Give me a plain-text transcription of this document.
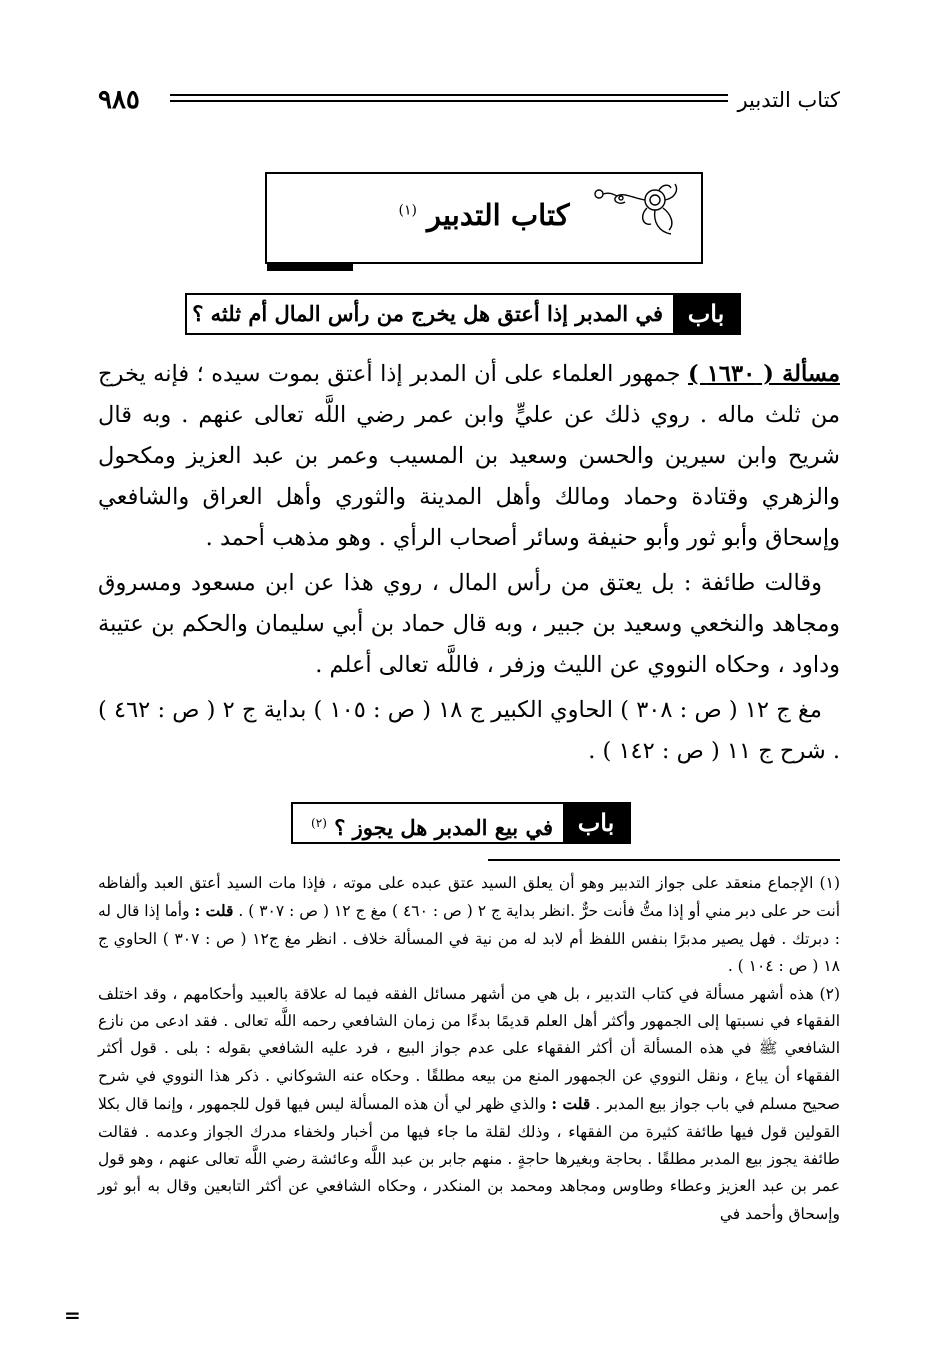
٩٨٥	كتاب التدبير
كتاب التدبير $^{(١)}$
باب
في المدبر إذا أعتق هل يخرج من رأس المال أم ثلثه ؟

مسألة ( ١٦٣٠ ) جمهور العلماء على أن المدبر إذا أعتق بموت سيده ؛ فإنه يخرج من ثلث ماله . روي ذلك عن عليٍّ وابن عمر رضي اللَّه تعالى عنهم . وبه قال شريح وابن سيرين والحسن وسعيد بن المسيب وعمر بن عبد العزيز ومكحول والزهري وقتادة وحماد ومالك وأهل المدينة والثوري وأهل العراق والشافعي وإسحاق وأبو ثور وأبو حنيفة وسائر أصحاب الرأي . وهو مذهب أحمد .

وقالت طائفة : بل يعتق من رأس المال ، روي هذا عن ابن مسعود ومسروق ومجاهد والنخعي وسعيد بن جبير ، وبه قال حماد بن أبي سليمان والحكم بن عتيبة وداود ، وحكاه النووي عن الليث وزفر ، فاللَّه تعالى أعلم .

مغ ج ١٢ ( ص : ٣٠٨ ) الحاوي الكبير ج ١٨ ( ص : ١٠٥ ) بداية ج ٢ ( ص : ٤٦٢ ) . شرح ج ١١ ( ص : ١٤٢ ) .

باب
في بيع المدبر هل يجوز ؟ $^{(٢)}$

(١) الإجماع منعقد على جواز التدبير وهو أن يعلق السيد عتق عبده على موته ، فإذا مات السيد أعتق العبد وألفاظه أنت حر على دبر مني أو إذا متُّ فأنت حرٌّ .انظر بداية ج ٢ ( ص : ٤٦٠ ) مغ ج ١٢ ( ص : ٣٠٧ ) . قلت : وأما إذا قال له : دبرتك . فهل يصير مدبرًا بنفس اللفظ أم لابد له من نية في المسألة خلاف . انظر مغ ج١٢ ( ص : ٣٠٧ ) الحاوي ج ١٨ ( ص : ١٠٤ ) .

(٢) هذه أشهر مسألة في كتاب التدبير ، بل هي من أشهر مسائل الفقه فيما له علاقة بالعبيد وأحكامهم ، وقد اختلف الفقهاء في نسبتها إلى الجمهور وأكثر أهل العلم قديمًا بدءًا من زمان الشافعي رحمه اللَّه تعالى . فقد ادعى من نازع الشافعي ﷺ في هذه المسألة أن أكثر الفقهاء على عدم جواز البيع ، فرد عليه الشافعي بقوله : بلى . قول أكثر الفقهاء أن يباع ، ونقل النووي عن الجمهور المنع من بيعه مطلقًا . وحكاه عنه الشوكاني . ذكر هذا النووي في شرح صحيح مسلم في باب جواز بيع المدبر . قلت : والذي ظهر لي أن هذه المسألة ليس فيها قول للجمهور ، وإنما قال بكلا القولين قول فيها طائفة كثيرة من الفقهاء ، وذلك لقلة ما جاء فيها من أخبار ولخفاء مدرك الجواز وعدمه . فقالت طائفة يجوز بيع المدبر مطلقًا . بحاجة وبغيرها حاجةٍ . منهم جابر بن عبد اللَّه وعائشة رضي اللَّه تعالى عنهم ، وهو قول عمر بن عبد العزيز وعطاء وطاوس ومجاهد ومحمد بن المنكدر ، وحكاه الشافعي عن أكثر التابعين وقال به أبو ثور وإسحاق وأحمد في

=
